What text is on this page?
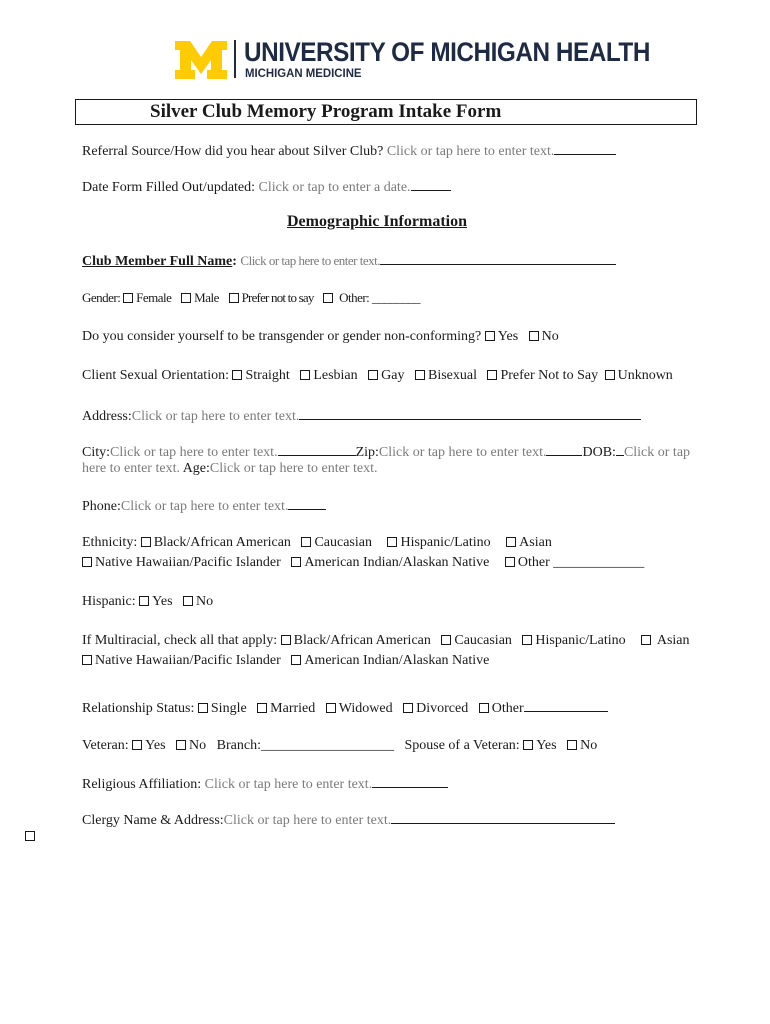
UNIVERSITY OF MICHIGAN HEALTH
MICHIGAN MEDICINE
Silver Club Memory Program Intake Form
Referral Source/How did you hear about Silver Club? Click or tap here to enter text.
Date Form Filled Out/updated: Click or tap to enter a date.
Demographic Information
Club Member Full Name: Click or tap here to enter text.
Gender: Female Male Prefer not to say Other: ________
Do you consider yourself to be transgender or gender non-conforming? Yes No
Client Sexual Orientation: Straight Lesbian Gay Bisexual Prefer Not to Say Unknown
Address:Click or tap here to enter text.
City:Click or tap here to enter text.	Zip:Click or tap here to enter text.	DOB: Click or tap
here to enter text. Age:Click or tap here to enter text.
Phone:Click or tap here to enter text.
Ethnicity: Black/African American Caucasian Hispanic/Latino Asian
Native Hawaiian/Pacific Islander American Indian/Alaskan Native Other _____________
Hispanic: Yes No
If Multiracial, check all that apply: Black/African American Caucasian Hispanic/Latino Asian
Native Hawaiian/Pacific Islander American Indian/Alaskan Native
Relationship Status: Single Married Widowed Divorced Other
Veteran: Yes No Branch:___________________ Spouse of a Veteran: Yes No
Religious Affiliation: Click or tap here to enter text.
Clergy Name & Address:Click or tap here to enter text.
